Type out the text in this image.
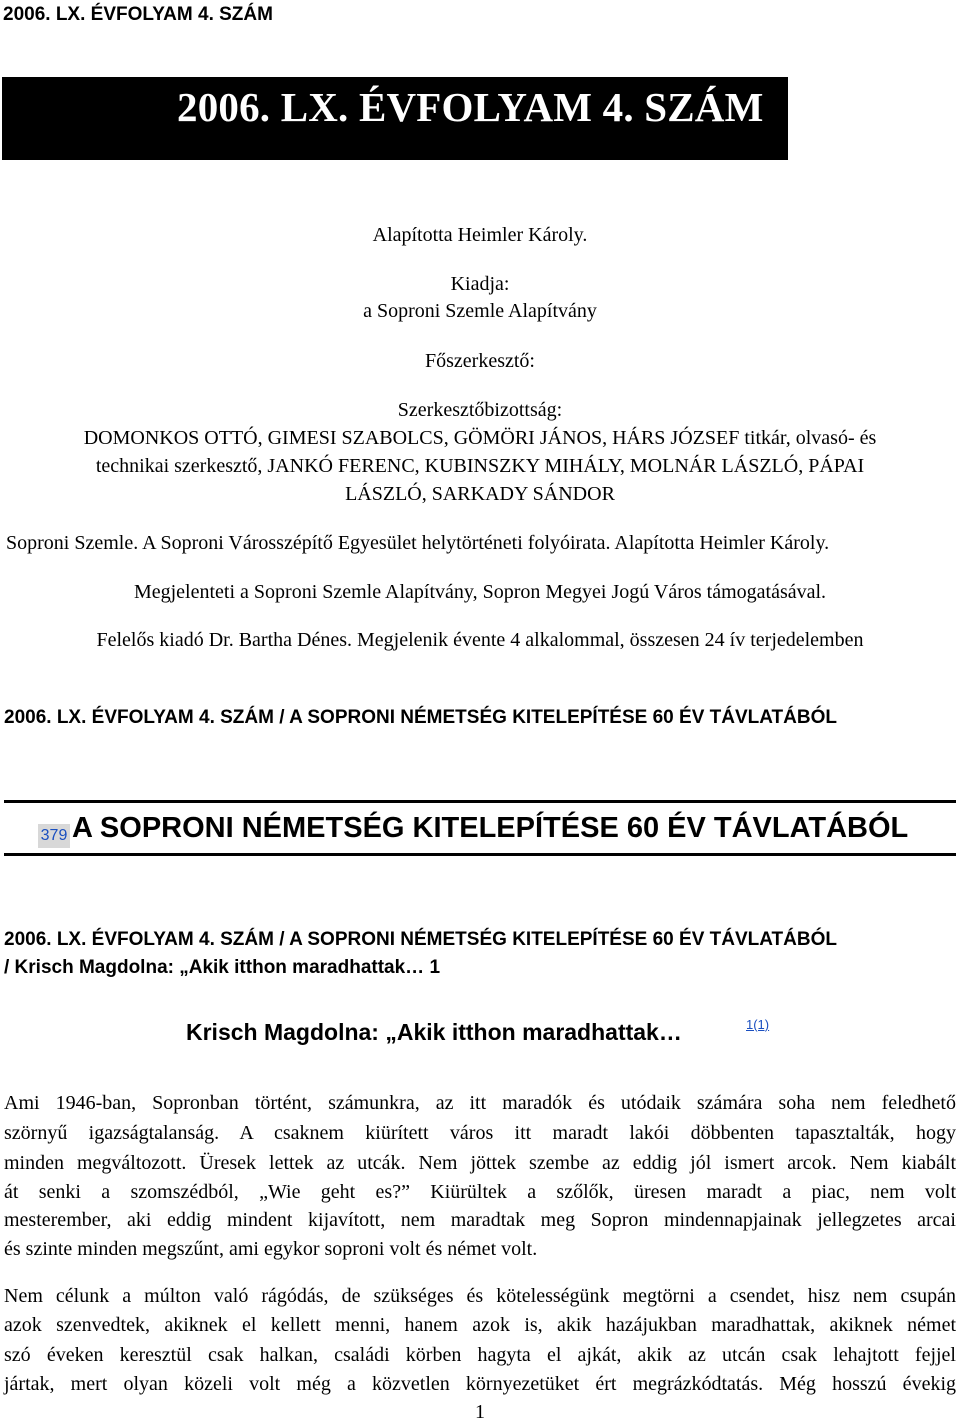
2006. LX. ÉVFOLYAM 4. SZÁM
2006. LX. ÉVFOLYAM 4. SZÁM
Alapította Heimler Károly.
Kiadja:
a Soproni Szemle Alapítvány
Főszerkesztő:
Szerkesztőbizottság:
DOMONKOS OTTÓ, GIMESI SZABOLCS, GÖMÖRI JÁNOS, HÁRS JÓZSEF titkár, olvasó- és
technikai szerkesztő, JANKÓ FERENC, KUBINSZKY MIHÁLY, MOLNÁR LÁSZLÓ, PÁPAI
LÁSZLÓ, SARKADY SÁNDOR
Soproni Szemle. A Soproni Városszépítő Egyesület helytörténeti folyóirata. Alapította Heimler Károly.
Megjelenteti a Soproni Szemle Alapítvány, Sopron Megyei Jogú Város támogatásával.
Felelős kiadó Dr. Bartha Dénes. Megjelenik évente 4 alkalommal, összesen 24 ív terjedelemben
2006. LX. ÉVFOLYAM 4. SZÁM / A SOPRONI NÉMETSÉG KITELEPÍTÉSE 60 ÉV TÁVLATÁBÓL
379 A SOPRONI NÉMETSÉG KITELEPÍTÉSE 60 ÉV TÁVLATÁBÓL
2006. LX. ÉVFOLYAM 4. SZÁM / A SOPRONI NÉMETSÉG KITELEPÍTÉSE 60 ÉV TÁVLATÁBÓL
/ Krisch Magdolna: „Akik itthon maradhattak… 1
Krisch Magdolna: „Akik itthon maradhattak…	1(1)
Ami 1946-ban, Sopronban történt, számunkra, az itt maradók és utódaik számára soha nem feledhető
szörnyű igazságtalanság. A csaknem kiürített város itt maradt lakói döbbenten tapasztalták, hogy
minden megváltozott. Üresek lettek az utcák. Nem jöttek szembe az eddig jól ismert arcok. Nem kiabált
át senki a szomszédból, „Wie geht es?” Kiürültek a szőlők, üresen maradt a piac, nem volt
mesterember, aki eddig mindent kijavított, nem maradtak meg Sopron mindennapjainak jellegzetes arcai
és szinte minden megszűnt, ami egykor soproni volt és német volt.
Nem célunk a múlton való rágódás, de szükséges és kötelességünk megtörni a csendet, hisz nem csupán
azok szenvedtek, akiknek el kellett menni, hanem azok is, akik hazájukban maradhattak, akiknek német
szó éveken keresztül csak halkan, családi körben hagyta el ajkát, akik az utcán csak lehajtott fejjel
jártak, mert olyan közeli volt még a közvetlen környezetüket ért megrázkódtatás. Még hosszú évekig
1
